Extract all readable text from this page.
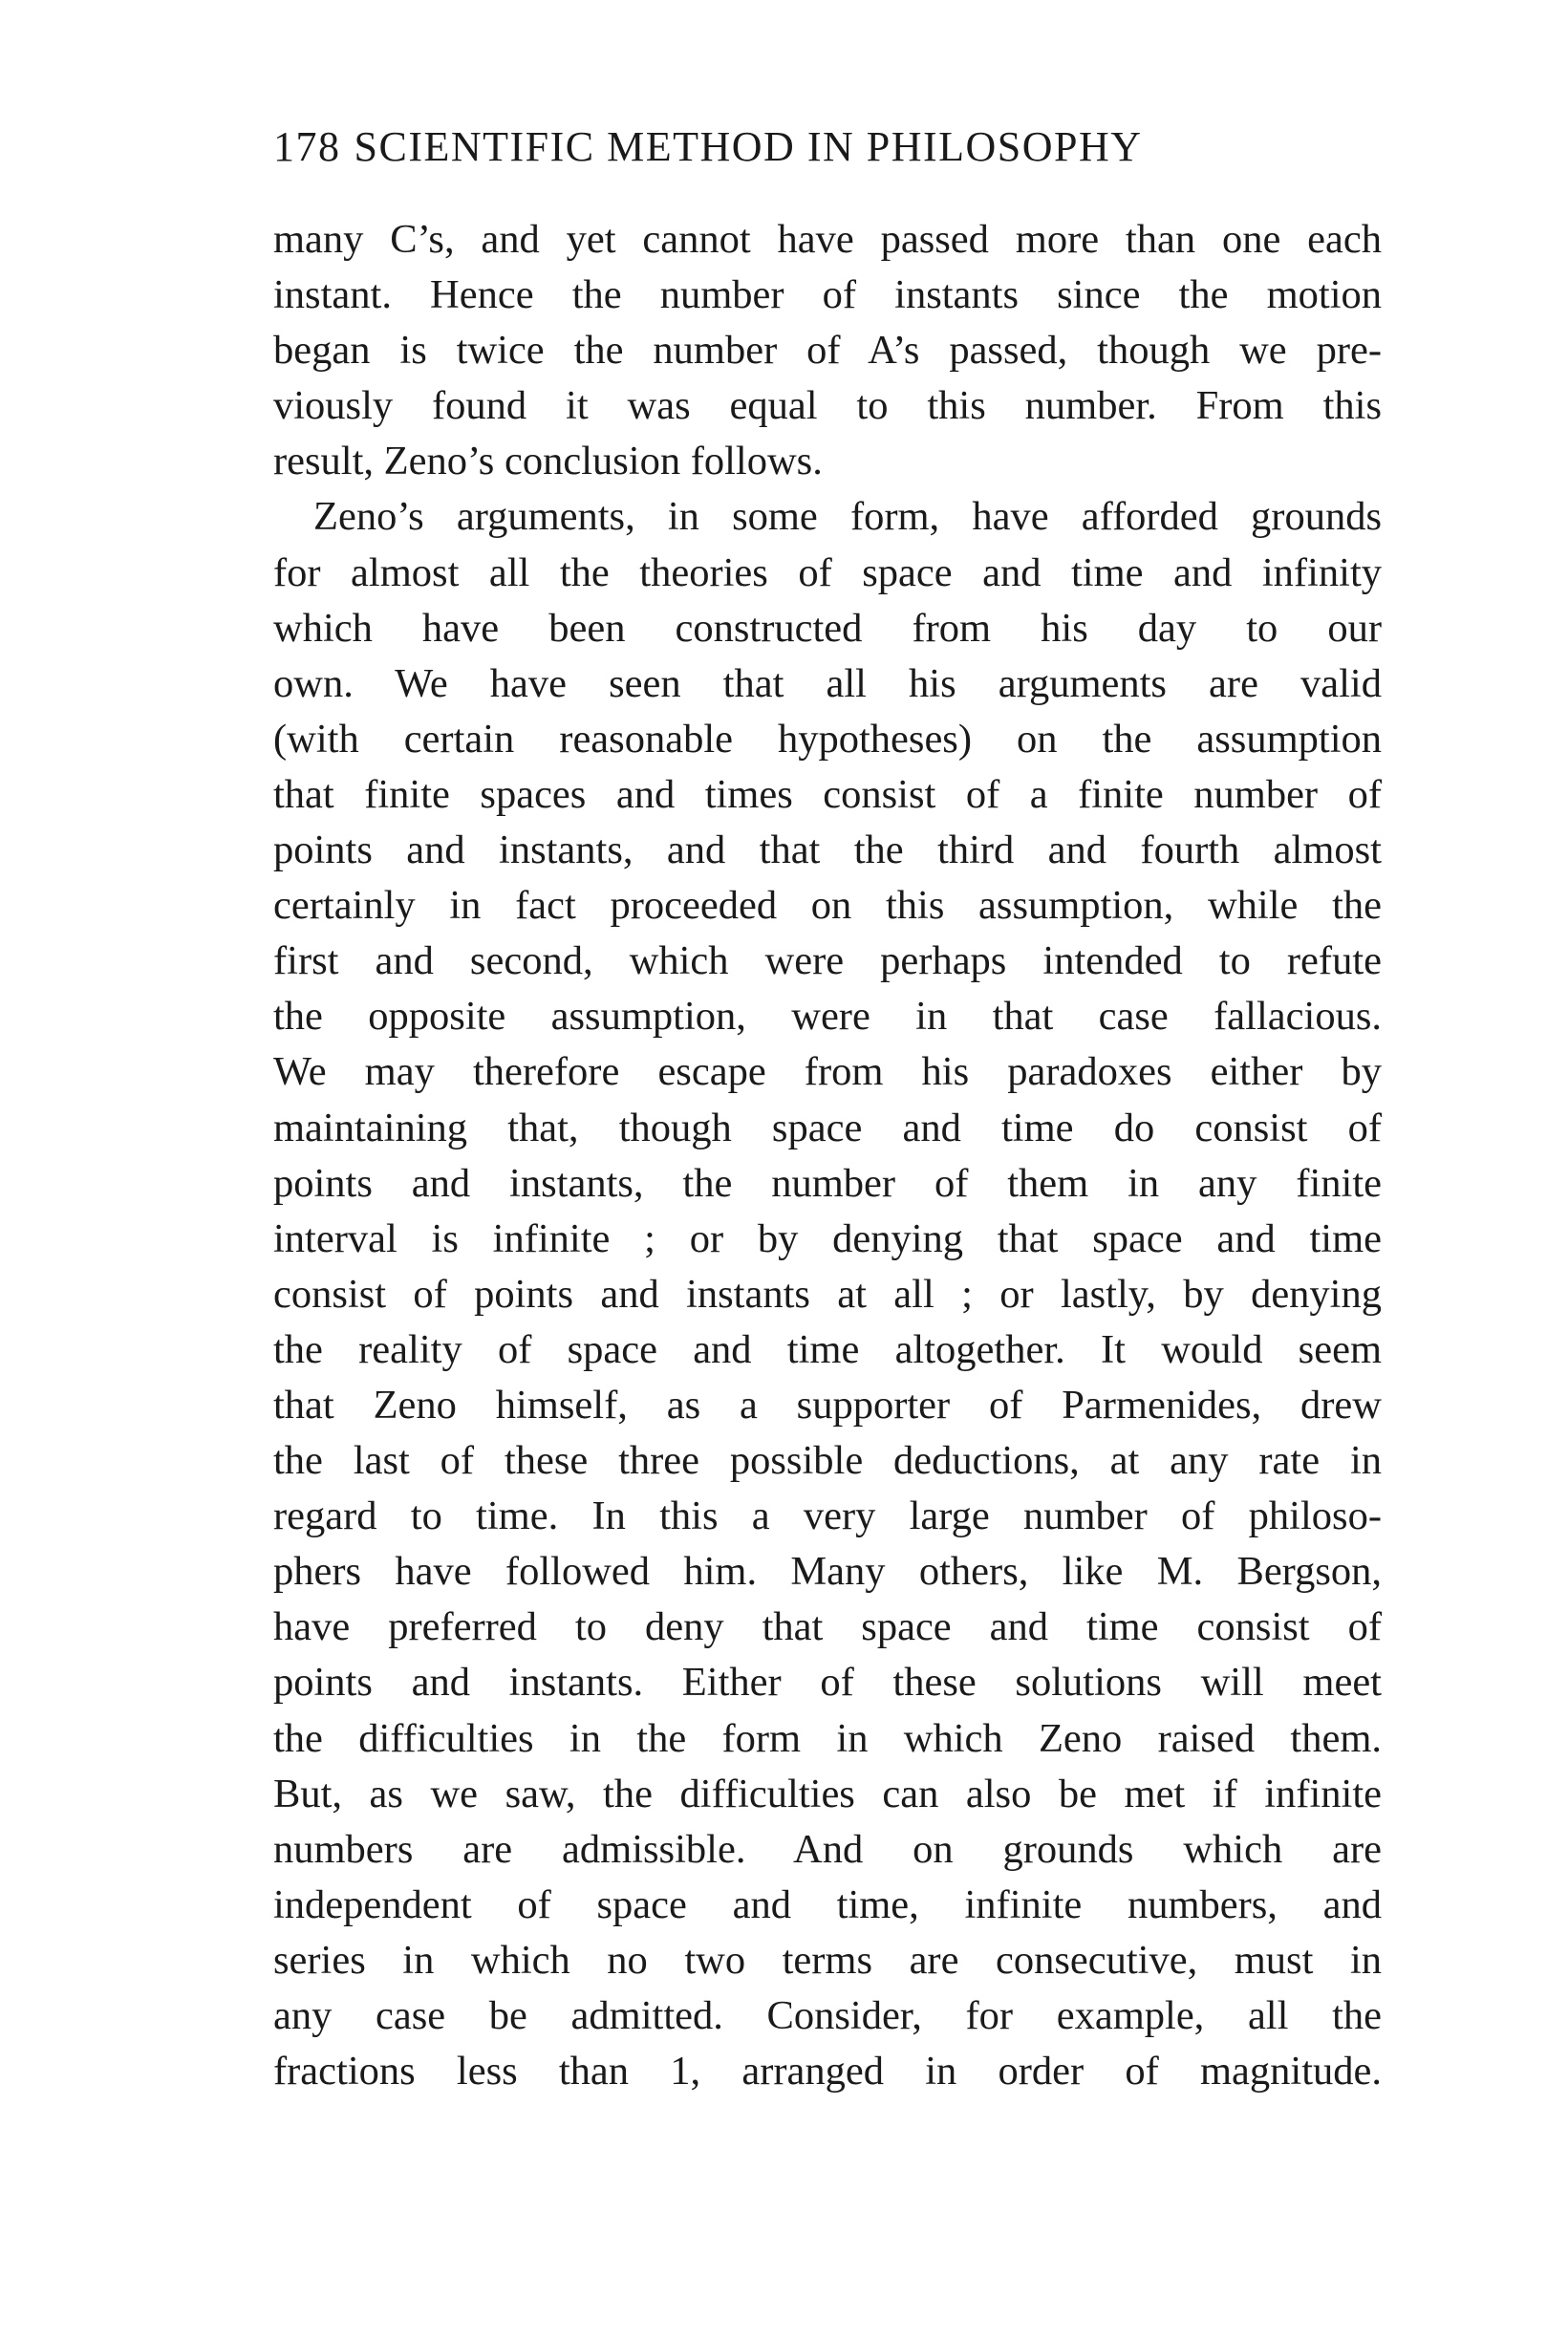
178 SCIENTIFIC METHOD IN PHILOSOPHY
many C’s, and yet cannot have passed more than one each
instant. Hence the number of instants since the motion
began is twice the number of A’s passed, though we pre-
viously found it was equal to this number. From this
result, Zeno’s conclusion follows.
Zeno’s arguments, in some form, have afforded grounds
for almost all the theories of space and time and infinity
which have been constructed from his day to our
own. We have seen that all his arguments are valid
(with certain reasonable hypotheses) on the assumption
that finite spaces and times consist of a finite number of
points and instants, and that the third and fourth almost
certainly in fact proceeded on this assumption, while the
first and second, which were perhaps intended to refute
the opposite assumption, were in that case fallacious.
We may therefore escape from his paradoxes either by
maintaining that, though space and time do consist of
points and instants, the number of them in any finite
interval is infinite ; or by denying that space and time
consist of points and instants at all ; or lastly, by denying
the reality of space and time altogether. It would seem
that Zeno himself, as a supporter of Parmenides, drew
the last of these three possible deductions, at any rate in
regard to time. In this a very large number of philoso-
phers have followed him. Many others, like M. Bergson,
have preferred to deny that space and time consist of
points and instants. Either of these solutions will meet
the difficulties in the form in which Zeno raised them.
But, as we saw, the difficulties can also be met if infinite
numbers are admissible. And on grounds which are
independent of space and time, infinite numbers, and
series in which no two terms are consecutive, must in
any case be admitted. Consider, for example, all the
fractions less than 1, arranged in order of magnitude.
